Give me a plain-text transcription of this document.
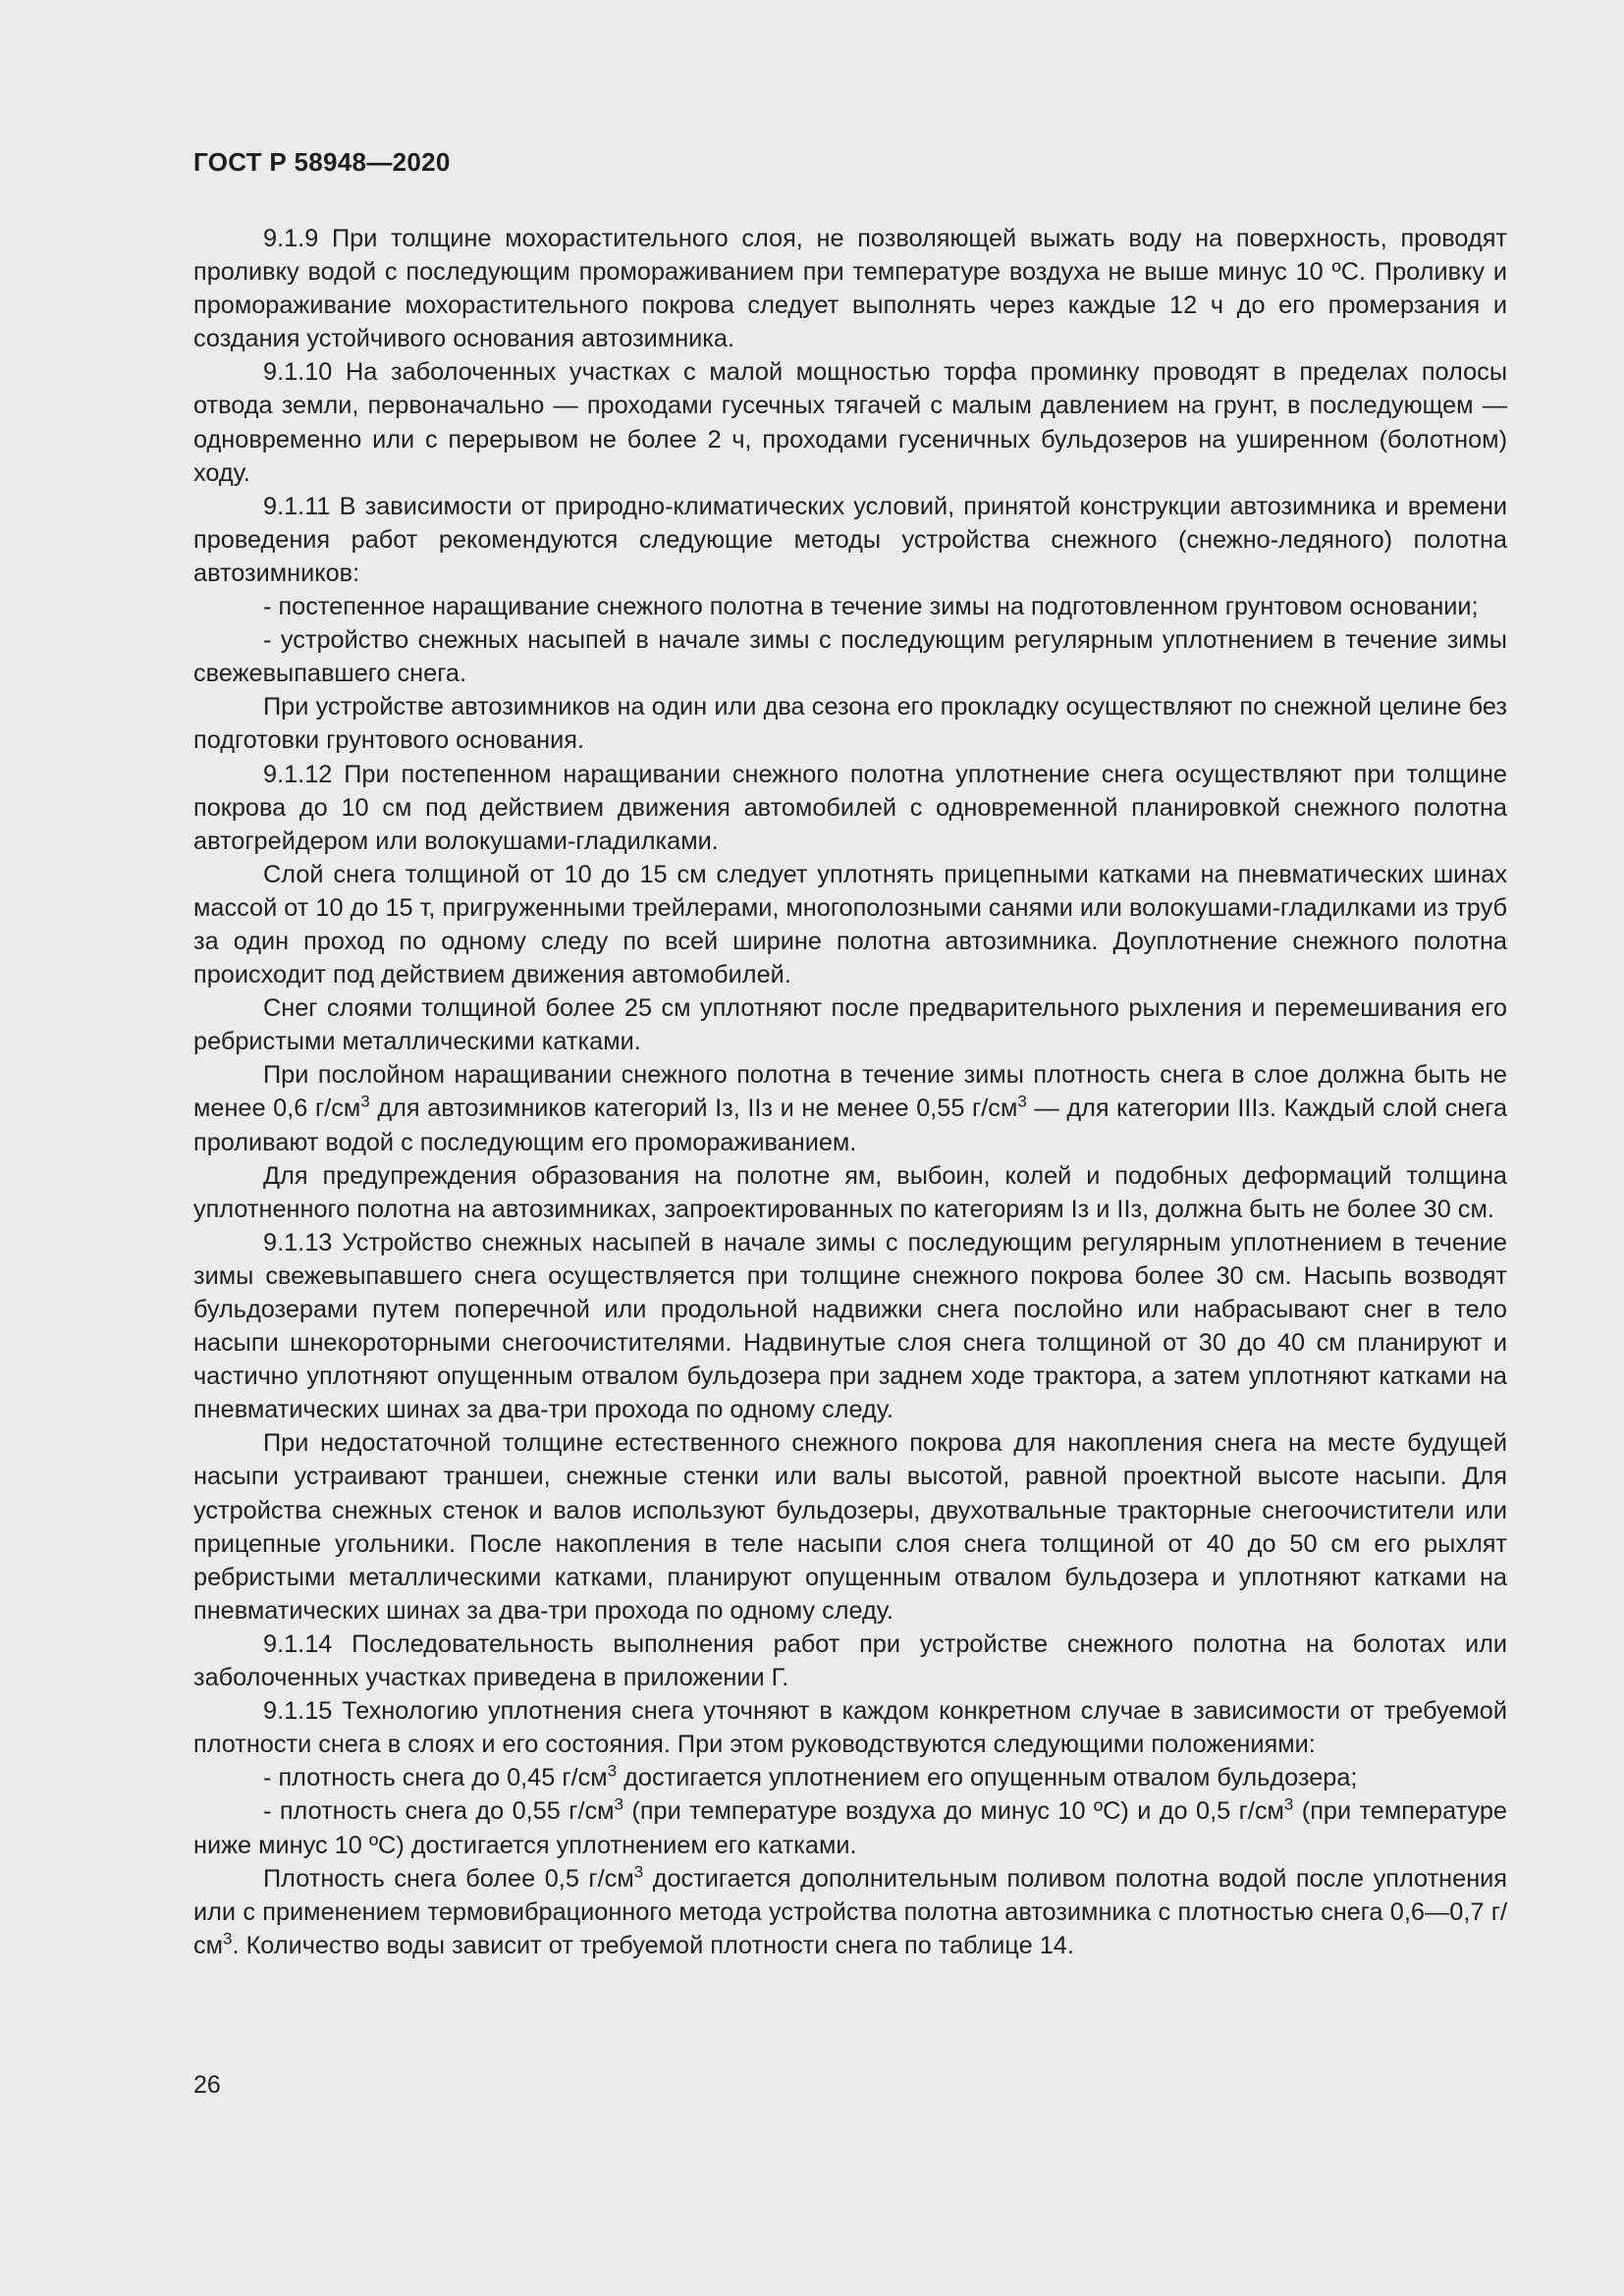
ГОСТ Р 58948—2020

9.1.9 При толщине мохорастительного слоя, не позволяющей выжать воду на поверхность, проводят проливку водой с последующим промораживанием при температуре воздуха не выше минус 10 ºС. Проливку и промораживание мохорастительного покрова следует выполнять через каждые 12 ч до его промерзания и создания устойчивого основания автозимника.

9.1.10 На заболоченных участках с малой мощностью торфа проминку проводят в пределах полосы отвода земли, первоначально — проходами гусечных тягачей с малым давлением на грунт, в последующем — одновременно или с перерывом не более 2 ч, проходами гусеничных бульдозеров на уширенном (болотном) ходу.

9.1.11 В зависимости от природно-климатических условий, принятой конструкции автозимника и времени проведения работ рекомендуются следующие методы устройства снежного (снежно-ледяного) полотна автозимников:

- постепенное наращивание снежного полотна в течение зимы на подготовленном грунтовом основании;

- устройство снежных насыпей в начале зимы с последующим регулярным уплотнением в течение зимы свежевыпавшего снега.

При устройстве автозимников на один или два сезона его прокладку осуществляют по снежной целине без подготовки грунтового основания.

9.1.12 При постепенном наращивании снежного полотна уплотнение снега осуществляют при толщине покрова до 10 см под действием движения автомобилей с одновременной планировкой снежного полотна автогрейдером или волокушами-гладилками.

Слой снега толщиной от 10 до 15 см следует уплотнять прицепными катками на пневматических шинах массой от 10 до 15 т, пригруженными трейлерами, многополозными санями или волокушами-гладилками из труб за один проход по одному следу по всей ширине полотна автозимника. Доуплотнение снежного полотна происходит под действием движения автомобилей.

Снег слоями толщиной более 25 см уплотняют после предварительного рыхления и перемешивания его ребристыми металлическими катками.

При послойном наращивании снежного полотна в течение зимы плотность снега в слое должна быть не менее 0,6 $г/см^3$ для автозимников категорий Iз, IIз и не менее 0,55 $г/см^3$ — для категории IIIз. Каждый слой снега проливают водой с последующим его промораживанием.

Для предупреждения образования на полотне ям, выбоин, колей и подобных деформаций толщина уплотненного полотна на автозимниках, запроектированных по категориям Iз и IIз, должна быть не более 30 см.

9.1.13 Устройство снежных насыпей в начале зимы с последующим регулярным уплотнением в течение зимы свежевыпавшего снега осуществляется при толщине снежного покрова более 30 см. Насыпь возводят бульдозерами путем поперечной или продольной надвижки снега послойно или набрасывают снег в тело насыпи шнекороторными снегоочистителями. Надвинутые слоя снега толщиной от 30 до 40 см планируют и частично уплотняют опущенным отвалом бульдозера при заднем ходе трактора, а затем уплотняют катками на пневматических шинах за два-три прохода по одному следу.

При недостаточной толщине естественного снежного покрова для накопления снега на месте будущей насыпи устраивают траншеи, снежные стенки или валы высотой, равной проектной высоте насыпи. Для устройства снежных стенок и валов используют бульдозеры, двухотвальные тракторные снегоочистители или прицепные угольники. После накопления в теле насыпи слоя снега толщиной от 40 до 50 см его рыхлят ребристыми металлическими катками, планируют опущенным отвалом бульдозера и уплотняют катками на пневматических шинах за два-три прохода по одному следу.

9.1.14 Последовательность выполнения работ при устройстве снежного полотна на болотах или заболоченных участках приведена в приложении Г.

9.1.15 Технологию уплотнения снега уточняют в каждом конкретном случае в зависимости от требуемой плотности снега в слоях и его состояния. При этом руководствуются следующими положениями:

- плотность снега до 0,45 $г/см^3$ достигается уплотнением его опущенным отвалом бульдозера;

- плотность снега до 0,55 $г/см^3$ (при температуре воздуха до минус 10 ºС) и до 0,5 $г/см^3$ (при температуре ниже минус 10 ºС) достигается уплотнением его катками.

Плотность снега более 0,5 $г/см^3$ достигается дополнительным поливом полотна водой после уплотнения или с применением термовибрационного метода устройства полотна автозимника с плотностью снега 0,6—0,7 $г/см^3$. Количество воды зависит от требуемой плотности снега по таблице 14.

26
